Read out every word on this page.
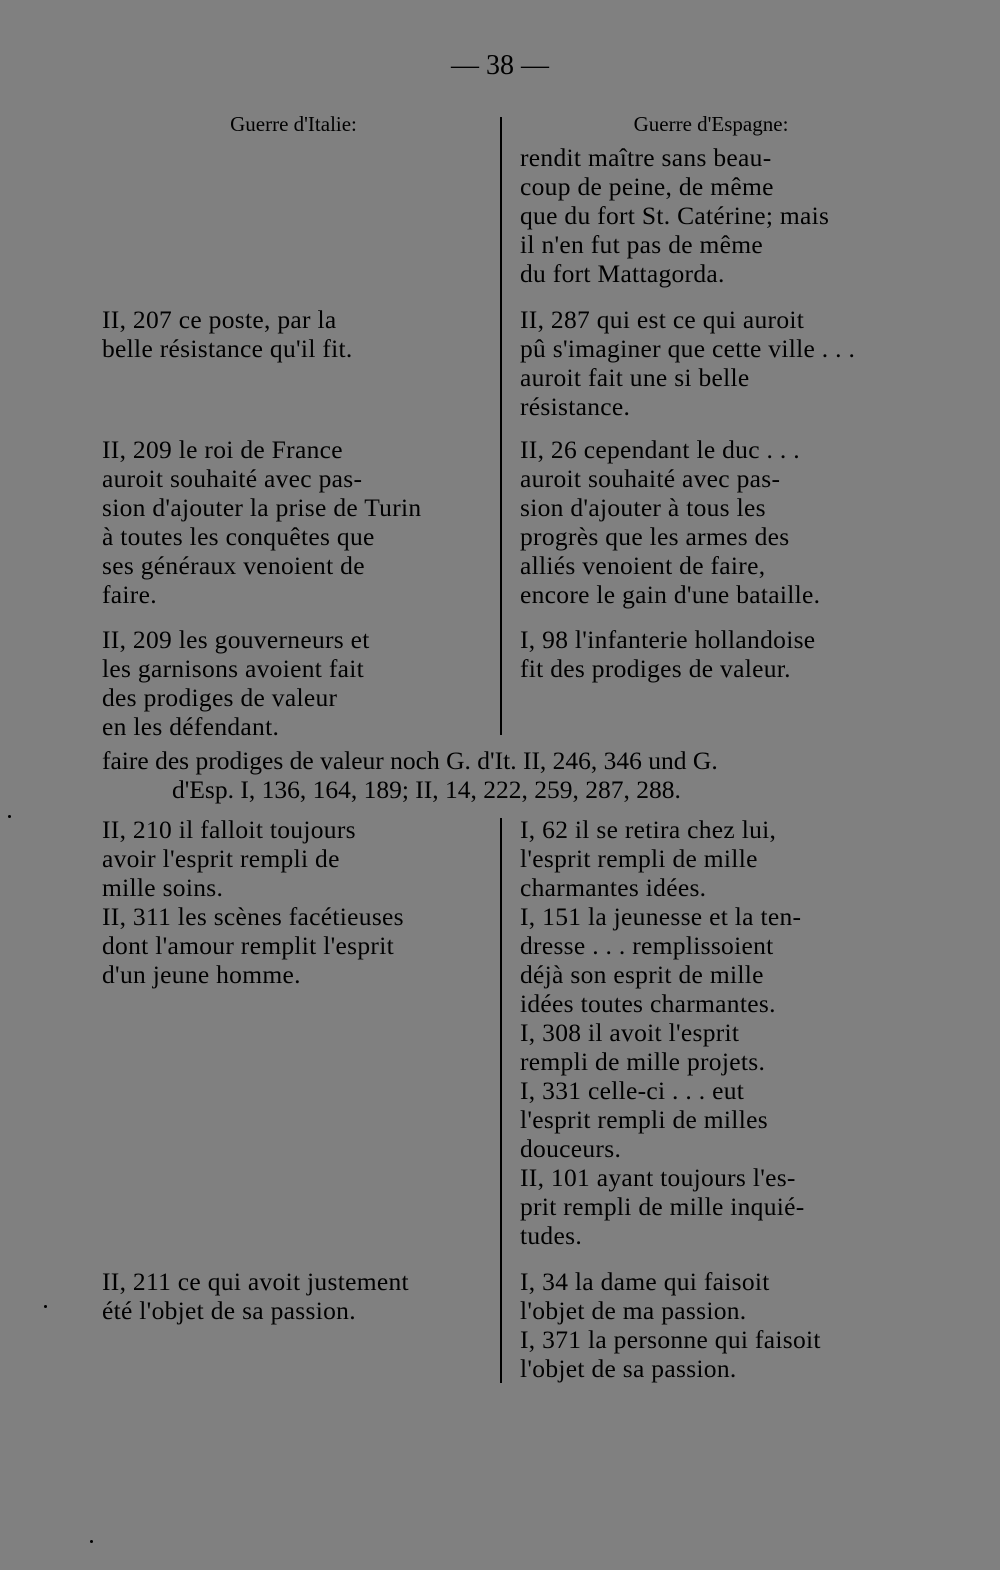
— 38 —
Guerre d'Italie:	Guerre d'Espagne:
rendit maître sans beau-
coup de peine, de même
que du fort St. Catérine; mais
il n'en fut pas de même
du fort Mattagorda.
II, 207 ce poste, par la
belle résistance qu'il fit.
II, 287 qui est ce qui auroit
pû s'imaginer que cette ville . . .
auroit fait une si belle
résistance.
II, 209 le roi de France
auroit souhaité avec pas-
sion d'ajouter la prise de Turin
à toutes les conquêtes que
ses généraux venoient de
faire.
II, 26 cependant le duc . . .
auroit souhaité avec pas-
sion d'ajouter à tous les
progrès que les armes des
alliés venoient de faire,
encore le gain d'une bataille.
II, 209 les gouverneurs et
les garnisons avoient fait
des prodiges de valeur
en les défendant.
I, 98 l'infanterie hollandoise
fit des prodiges de valeur.
faire des prodiges de valeur noch G. d'It. II, 246, 346 und G.
d'Esp. I, 136, 164, 189; II, 14, 222, 259, 287, 288.
II, 210 il falloit toujours
avoir l'esprit rempli de
mille soins.
II, 311 les scènes facétieuses
dont l'amour remplit l'esprit
d'un jeune homme.
I, 62 il se retira chez lui,
l'esprit rempli de mille
charmantes idées.
I, 151 la jeunesse et la ten-
dresse . . . remplissoient
déjà son esprit de mille
idées toutes charmantes.
I, 308 il avoit l'esprit
rempli de mille projets.
I, 331 celle-ci . . . eut
l'esprit rempli de milles
douceurs.
II, 101 ayant toujours l'es-
prit rempli de mille inquié-
tudes.
II, 211 ce qui avoit justement
été l'objet de sa passion.
I, 34 la dame qui faisoit
l'objet de ma passion.
I, 371 la personne qui faisoit
l'objet de sa passion.
